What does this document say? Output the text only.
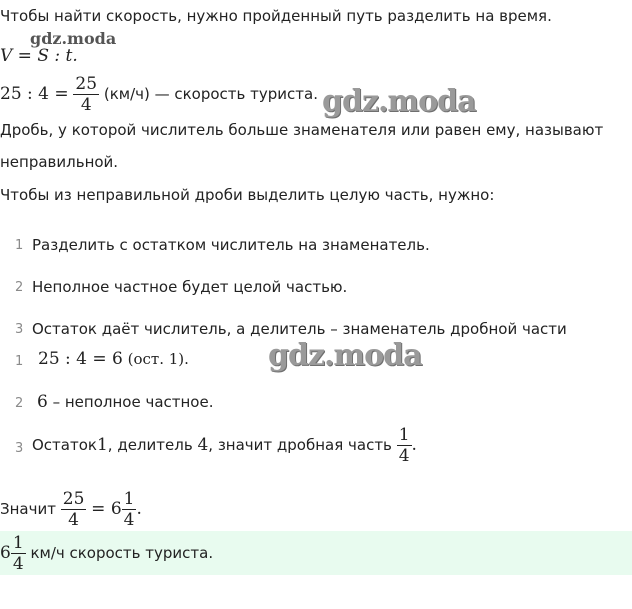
Чтобы найти скорость, нужно пройденный путь разделить на время.
gdz.moda
V = S : t.
25 : $4 = \frac{25}{4} (км/ч)$ — скорость туриста. gdz.moda
Дробь, у которой числитель больше знаменателя или равен ему, называют
неправильной.
Чтобы из неправильной дроби выделить целую часть, нужно:
1 Разделить с остатком числитель на знаменатель.
2 Неполное частное будет целой частью.
3 Остаток даёт числитель, а делитель – знаменатель дробной части
1 25 : 4 = 6 (ост. 1).	gdz.moda
2 6 – неполное частное.
3 Остаток1, делитель 4, значит дробная часть $\frac{1}{4}$ .
Значит $\frac{25}{4} = 6 \frac{1}{4}$ .
$6 \frac{1}{4} км/ч$ скорость туриста.
